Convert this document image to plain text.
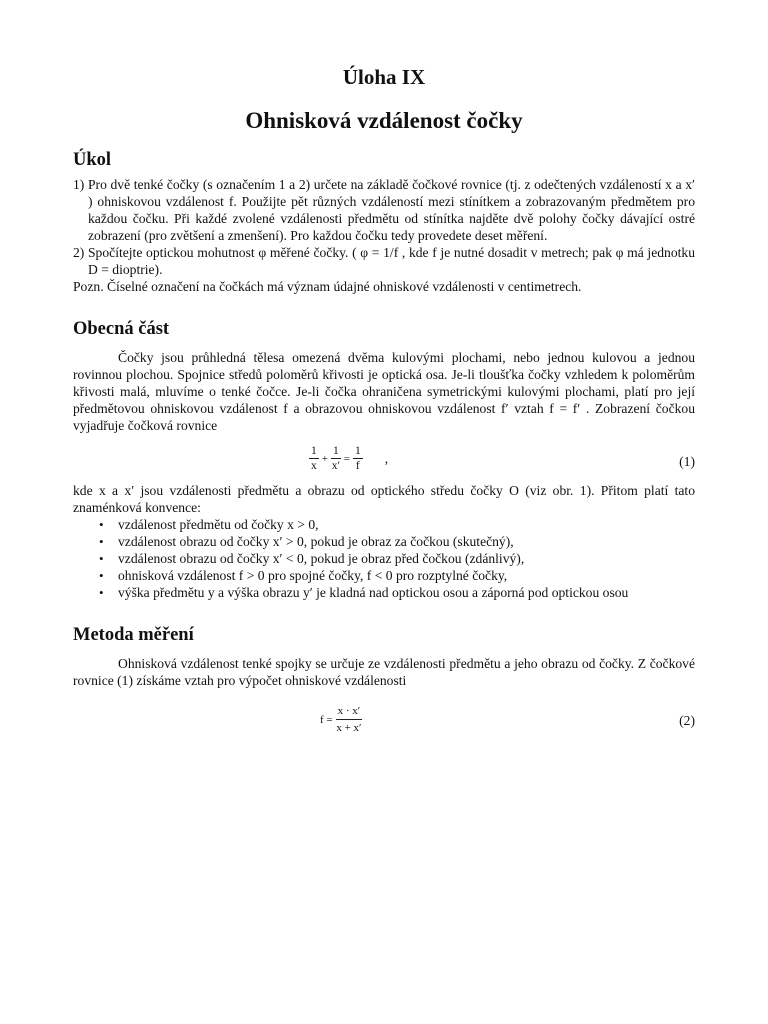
Úloha IX
Ohnisková vzdálenost čočky
Úkol
1) Pro dvě tenké čočky (s označením 1 a 2) určete na základě čočkové rovnice (tj. z odečtených vzdáleností x a x′ ) ohniskovou vzdálenost f. Použijte pět různých vzdáleností mezi stínítkem a zobrazovaným předmětem pro každou čočku. Při každé zvolené vzdálenosti předmětu od stínítka najděte dvě polohy čočky dávající ostré zobrazení (pro zvětšení a zmenšení). Pro každou čočku tedy provedete deset měření.
2) Spočítejte optickou mohutnost φ měřené čočky. ( φ = 1/f , kde f je nutné dosadit v metrech; pak φ má jednotku D = dioptrie).

Pozn. Číselné označení na čočkách má význam údajné ohniskové vzdálenosti v centimetrech.

Obecná část

Čočky jsou průhledná tělesa omezená dvěma kulovými plochami, nebo jednou kulovou a jednou rovinnou plochou. Spojnice středů poloměrů křivosti je optická osa. Je-li tloušťka čočky vzhledem k poloměrům křivosti malá, mluvíme o tenké čočce. Je-li čočka ohraničena symetrickými kulovými plochami, platí pro její předmětovou ohniskovou vzdálenost f a obrazovou ohniskovou vzdálenost f′ vztah f = f′ . Zobrazení čočkou vyjadřuje čočková rovnice

$\frac{1}{x} + \frac{1}{x'} = \frac{1}{f}$	,	(1)

kde x a x′ jsou vzdálenosti předmětu a obrazu od optického středu čočky O (viz obr. 1). Přitom platí tato znaménková konvence:

• vzdálenost předmětu od čočky x > 0,
• vzdálenost obrazu od čočky x′ > 0, pokud je obraz za čočkou (skutečný),
• vzdálenost obrazu od čočky x′ < 0, pokud je obraz před čočkou (zdánlivý),
• ohnisková vzdálenost f > 0 pro spojné čočky, f < 0 pro rozptylné čočky,
• výška předmětu y a výška obrazu y′ je kladná nad optickou osou a záporná pod optickou osou
Metoda měření

Ohnisková vzdálenost tenké spojky se určuje ze vzdálenosti předmětu a jeho obrazu od čočky. Z čočkové rovnice (1) získáme vztah pro výpočet ohniskové vzdálenosti

$f = \frac{x \cdot x'}{x + x'}$	(2)
